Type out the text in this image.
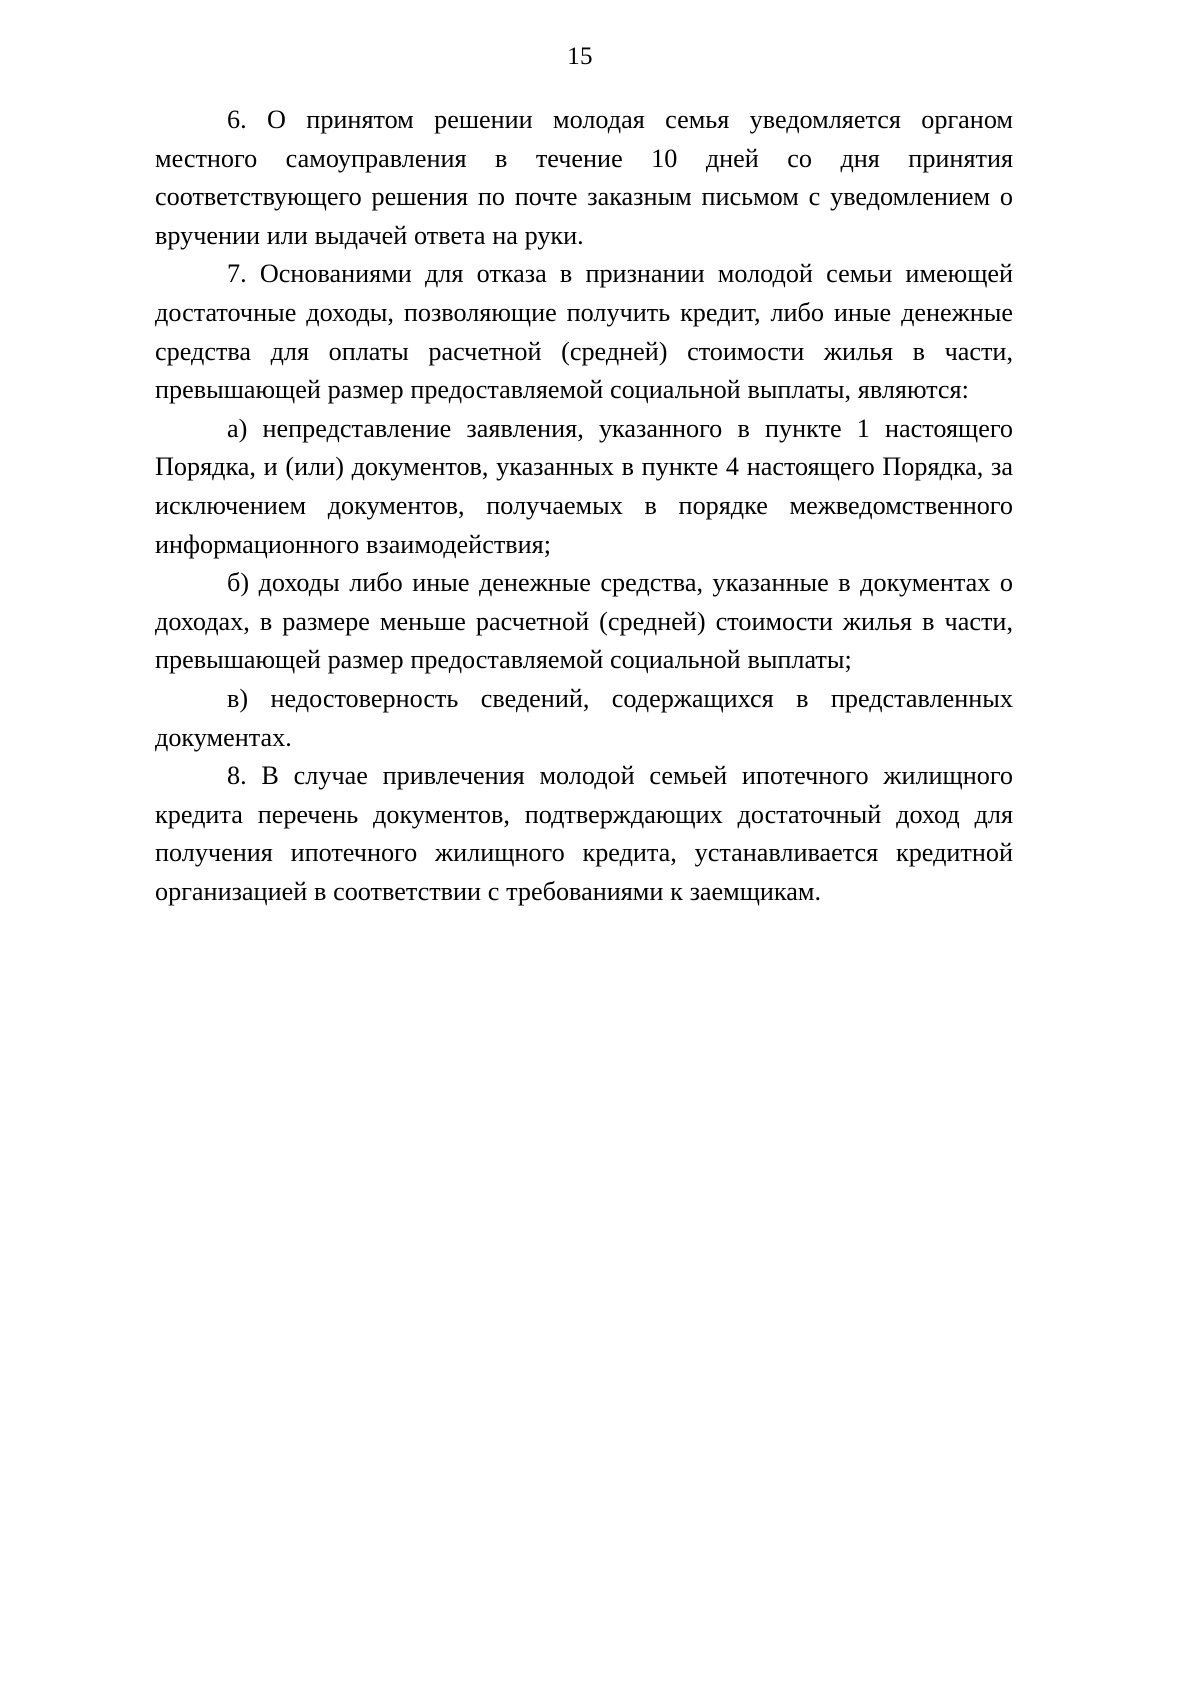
15

6. О принятом решении молодая семья уведомляется органом местного самоуправления в течение 10 дней со дня принятия соответствующего решения по почте заказным письмом с уведомлением о вручении или выдачей ответа на руки.

7. Основаниями для отказа в признании молодой семьи имеющей достаточные доходы, позволяющие получить кредит, либо иные денежные средства для оплаты расчетной (средней) стоимости жилья в части, превышающей размер предоставляемой социальной выплаты, являются:

а) непредставление заявления, указанного в пункте 1 настоящего Порядка, и (или) документов, указанных в пункте 4 настоящего Порядка, за исключением документов, получаемых в порядке межведомственного информационного взаимодействия;

б) доходы либо иные денежные средства, указанные в документах о доходах, в размере меньше расчетной (средней) стоимости жилья в части, превышающей размер предоставляемой социальной выплаты;

в) недостоверность сведений, содержащихся в представленных документах.

8. В случае привлечения молодой семьей ипотечного жилищного кредита перечень документов, подтверждающих достаточный доход для получения ипотечного жилищного кредита, устанавливается кредитной организацией в соответствии с требованиями к заемщикам.
